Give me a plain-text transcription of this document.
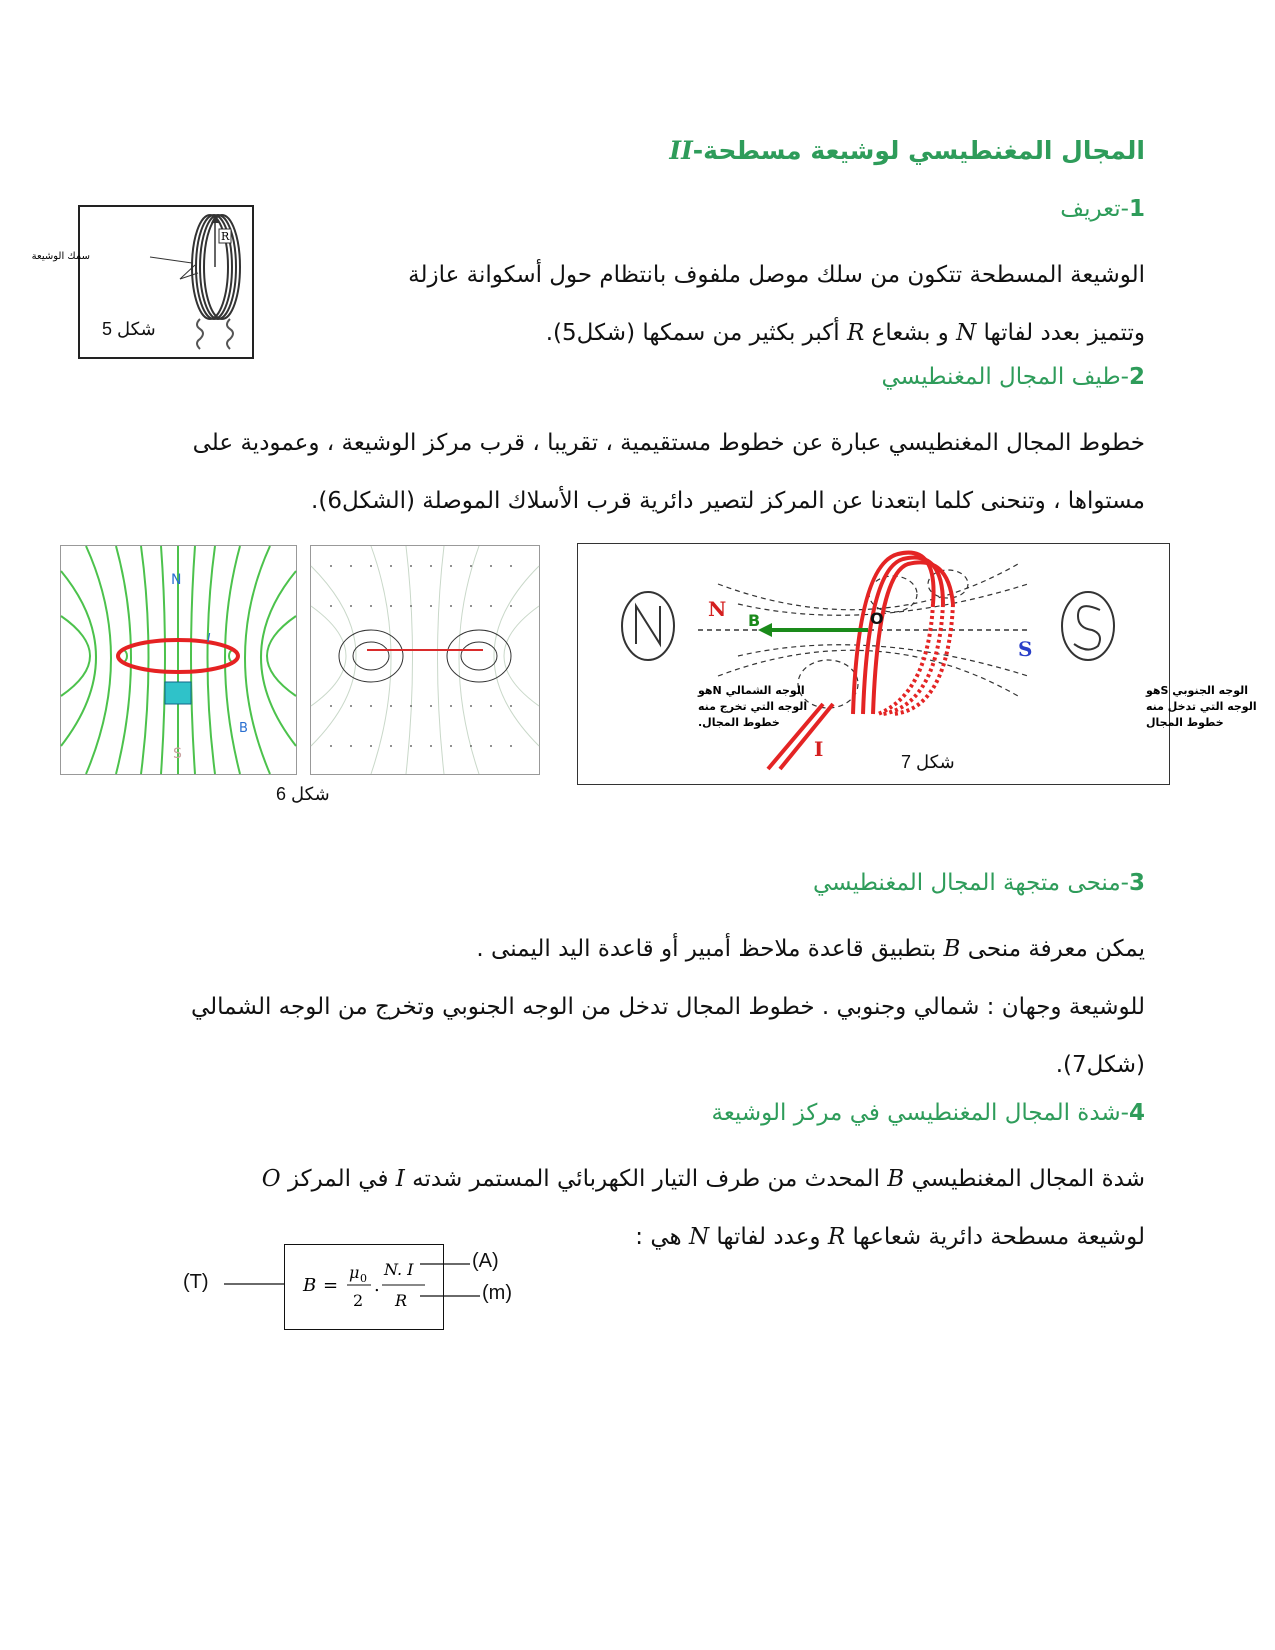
II-المجال المغنطيسي لوشيعة مسطحة
1-تعريف
الوشيعة المسطحة تتكون من سلك موصل ملفوف بانتظام حول أسكوانة عازلة
وتتميز بعدد لفاتها N و بشعاع R أكبر بكثير من سمكها (شكل5).
R
سمك الوشيعة
شكل 5
2-طيف المجال المغنطيسي
خطوط المجال المغنطيسي عبارة عن خطوط مستقيمية ، تقريبا ، قرب مركز الوشيعة ، وعمودية على
مستواها ، وتنحنى كلما ابتعدنا عن المركز لتصير دائرية قرب الأسلاك الموصلة (الشكل6).
N
S
I
B
شكل 6
N
S
B	O
I
الوجه الشمالي Nهو
الوجه التي تخرج منه
خطوط المجال.
الوجه الجنوبي Sهو
الوجه التي تدخل منه
خطوط المجال
شكل 7
3-منحى متجهة المجال المغنطيسي
يمكن معرفة منحى B بتطبيق قاعدة ملاحظ أمبير أو قاعدة اليد اليمنى .
للوشيعة وجهان : شمالي وجنوبي . خطوط المجال تدخل من الوجه الجنوبي وتخرج من الوجه الشمالي
(شكل7).
4-شدة المجال المغنطيسي في مركز الوشيعة
شدة المجال المغنطيسي B المحدث من طرف التيار الكهربائي المستمر شدته I في المركز O
لوشيعة مسطحة دائرية شعاعها R وعدد لفاتها N هي :
B =
μ 0
2
.
N. I
R
(T)
(A)
(m)
